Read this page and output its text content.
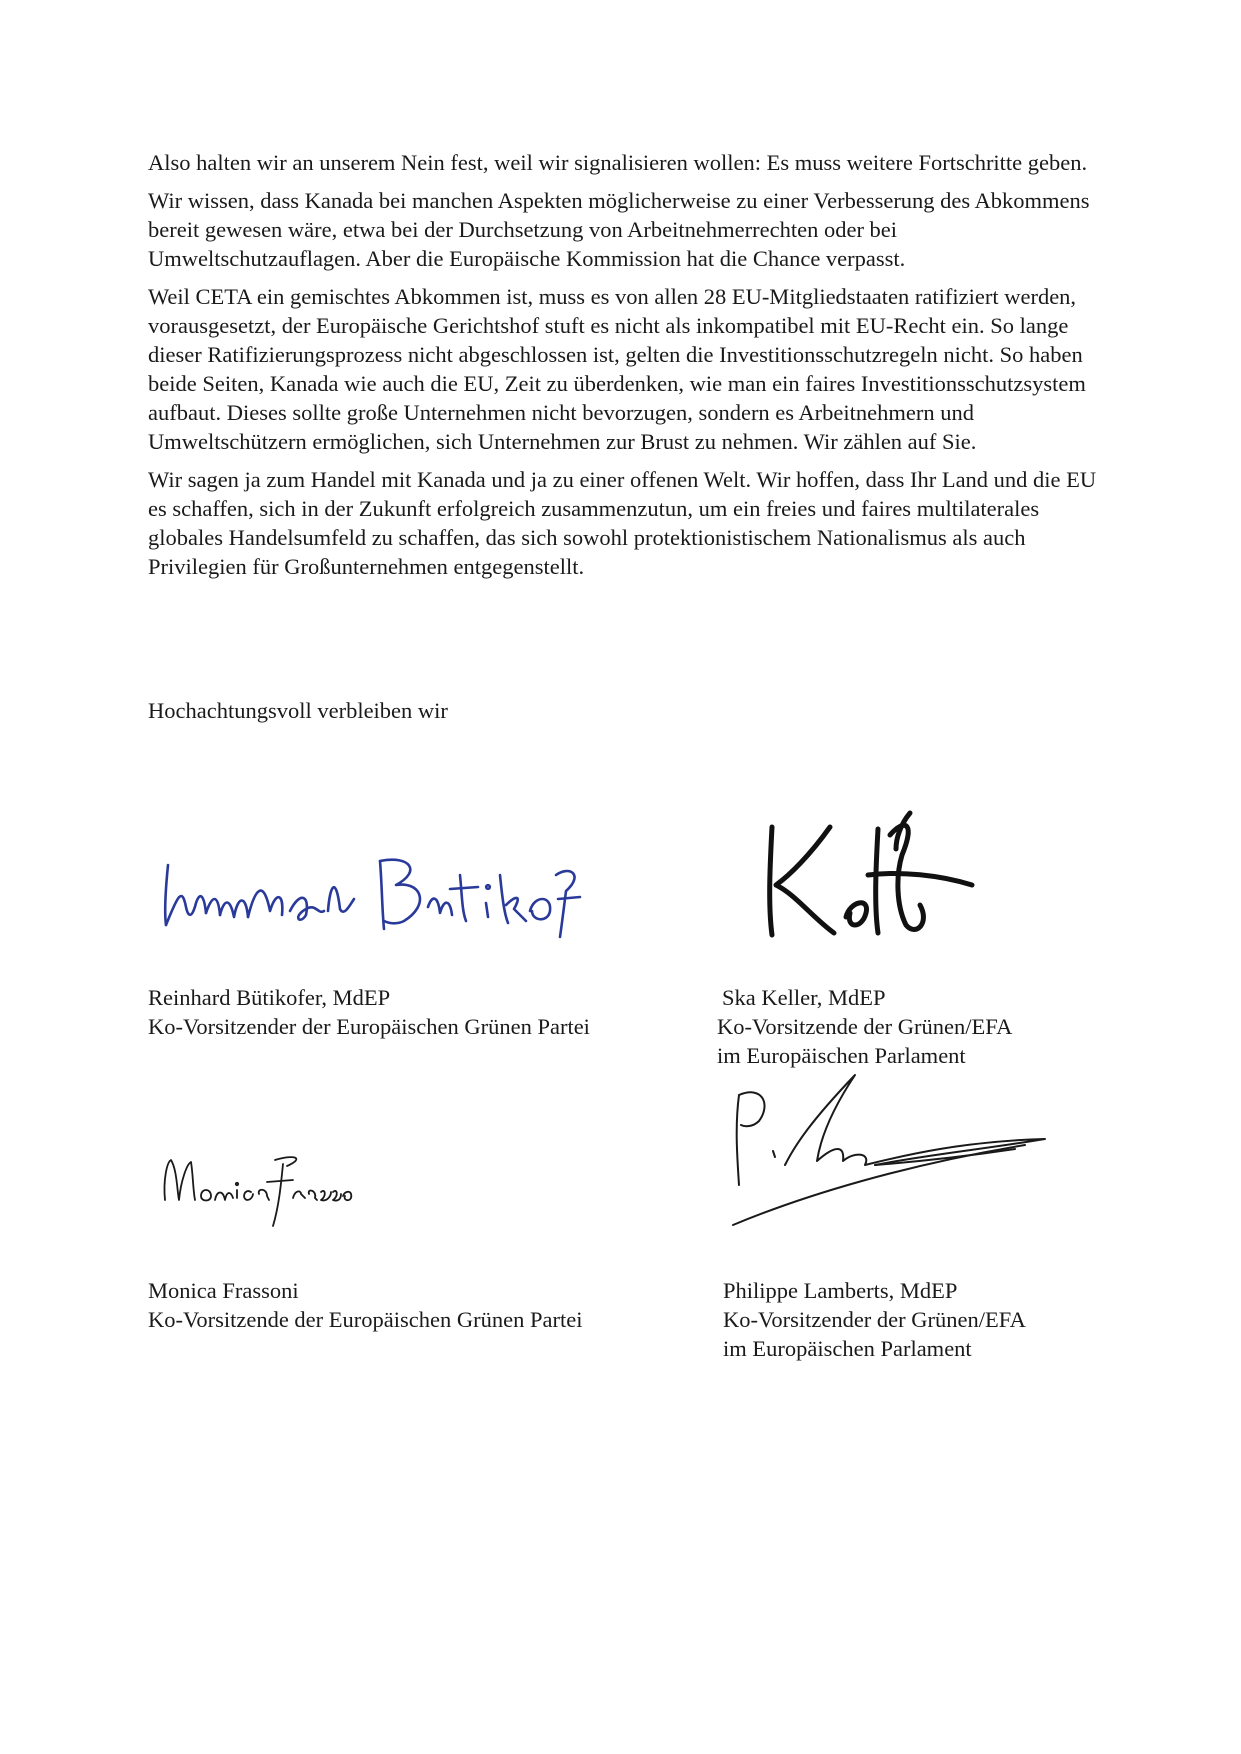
Also halten wir an unserem Nein fest, weil wir signalisieren wollen: Es muss weitere Fortschritte geben.

Wir wissen, dass Kanada bei manchen Aspekten möglicherweise zu einer Verbesserung des Abkommens bereit gewesen wäre, etwa bei der Durchsetzung von Arbeitnehmerrechten oder bei Umweltschutzauflagen. Aber die Europäische Kommission hat die Chance verpasst.

Weil CETA ein gemischtes Abkommen ist, muss es von allen 28 EU-Mitgliedstaaten ratifiziert werden, vorausgesetzt, der Europäische Gerichtshof stuft es nicht als inkompatibel mit EU-Recht ein. So lange dieser Ratifizierungsprozess nicht abgeschlossen ist, gelten die Investitionsschutzregeln nicht. So haben beide Seiten, Kanada wie auch die EU, Zeit zu überdenken, wie man ein faires Investitionsschutzsystem aufbaut. Dieses sollte große Unternehmen nicht bevorzugen, sondern es Arbeitnehmern und Umweltschützern ermöglichen, sich Unternehmen zur Brust zu nehmen. Wir zählen auf Sie.

Wir sagen ja zum Handel mit Kanada und ja zu einer offenen Welt. Wir hoffen, dass Ihr Land und die EU es schaffen, sich in der Zukunft erfolgreich zusammenzutun, um ein freies und faires multilaterales globales Handelsumfeld zu schaffen, das sich sowohl protektionistischem Nationalismus als auch Privilegien für Großunternehmen entgegenstellt.

Hochachtungsvoll verbleiben wir

Reinhard Bütikofer, MdEP
Ko-Vorsitzender der Europäischen Grünen Partei
Ska Keller, MdEP
Ko-Vorsitzende der Grünen/EFA
im Europäischen Parlament
Monica Frassoni
Ko-Vorsitzende der Europäischen Grünen Partei
Philippe Lamberts, MdEP
Ko-Vorsitzender der Grünen/EFA
im Europäischen Parlament
